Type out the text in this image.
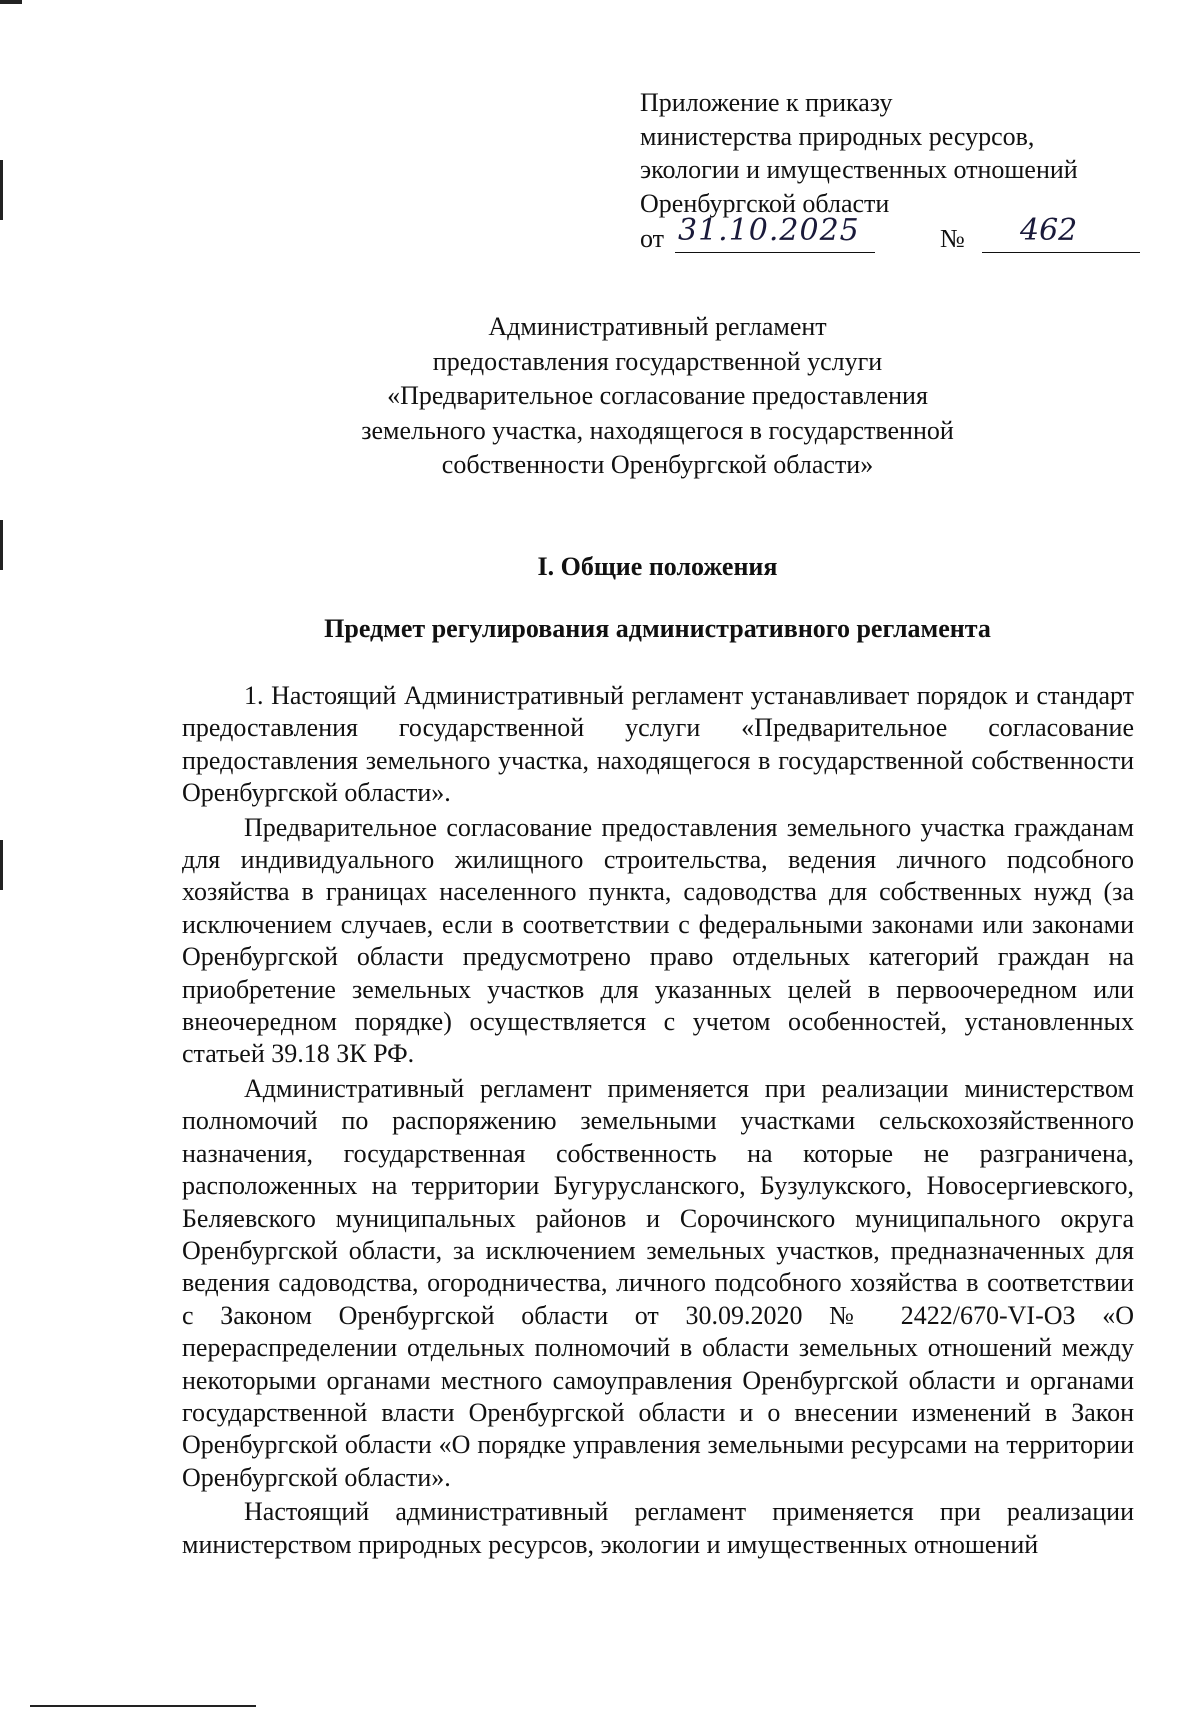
Приложение к приказу
министерства природных ресурсов,
экологии и имущественных отношений
Оренбургской области
от 31.10.2025	№ 462
Административный регламент
предоставления государственной услуги
«Предварительное согласование предоставления
земельного участка, находящегося в государственной
собственности Оренбургской области»
I. Общие положения
Предмет регулирования административного регламента

1. Настоящий Административный регламент устанавливает порядок и стандарт предоставления государственной услуги «Предварительное согласование предоставления земельного участка, находящегося в государственной собственности Оренбургской области».

Предварительное согласование предоставления земельного участка гражданам для индивидуального жилищного строительства, ведения личного подсобного хозяйства в границах населенного пункта, садоводства для собственных нужд (за исключением случаев, если в соответствии с федеральными законами или законами Оренбургской области предусмотрено право отдельных категорий граждан на приобретение земельных участков для указанных целей в первоочередном или внеочередном порядке) осуществляется с учетом особенностей, установленных статьей 39.18 ЗК РФ.

Административный регламент применяется при реализации министерством полномочий по распоряжению земельными участками сельскохозяйственного назначения, государственная собственность на которые не разграничена, расположенных на территории Бугурусланского, Бузулукского, Новосергиевского, Беляевского муниципальных районов и Сорочинского муниципального округа Оренбургской области, за исключением земельных участков, предназначенных для ведения садоводства, огородничества, личного подсобного хозяйства в соответствии с Законом Оренбургской области от 30.09.2020 № 2422/670-VI-ОЗ «О перераспределении отдельных полномочий в области земельных отношений между некоторыми органами местного самоуправления Оренбургской области и органами государственной власти Оренбургской области и о внесении изменений в Закон Оренбургской области «О порядке управления земельными ресурсами на территории Оренбургской области».

Настоящий административный регламент применяется при реализации министерством природных ресурсов, экологии и имущественных отношений
